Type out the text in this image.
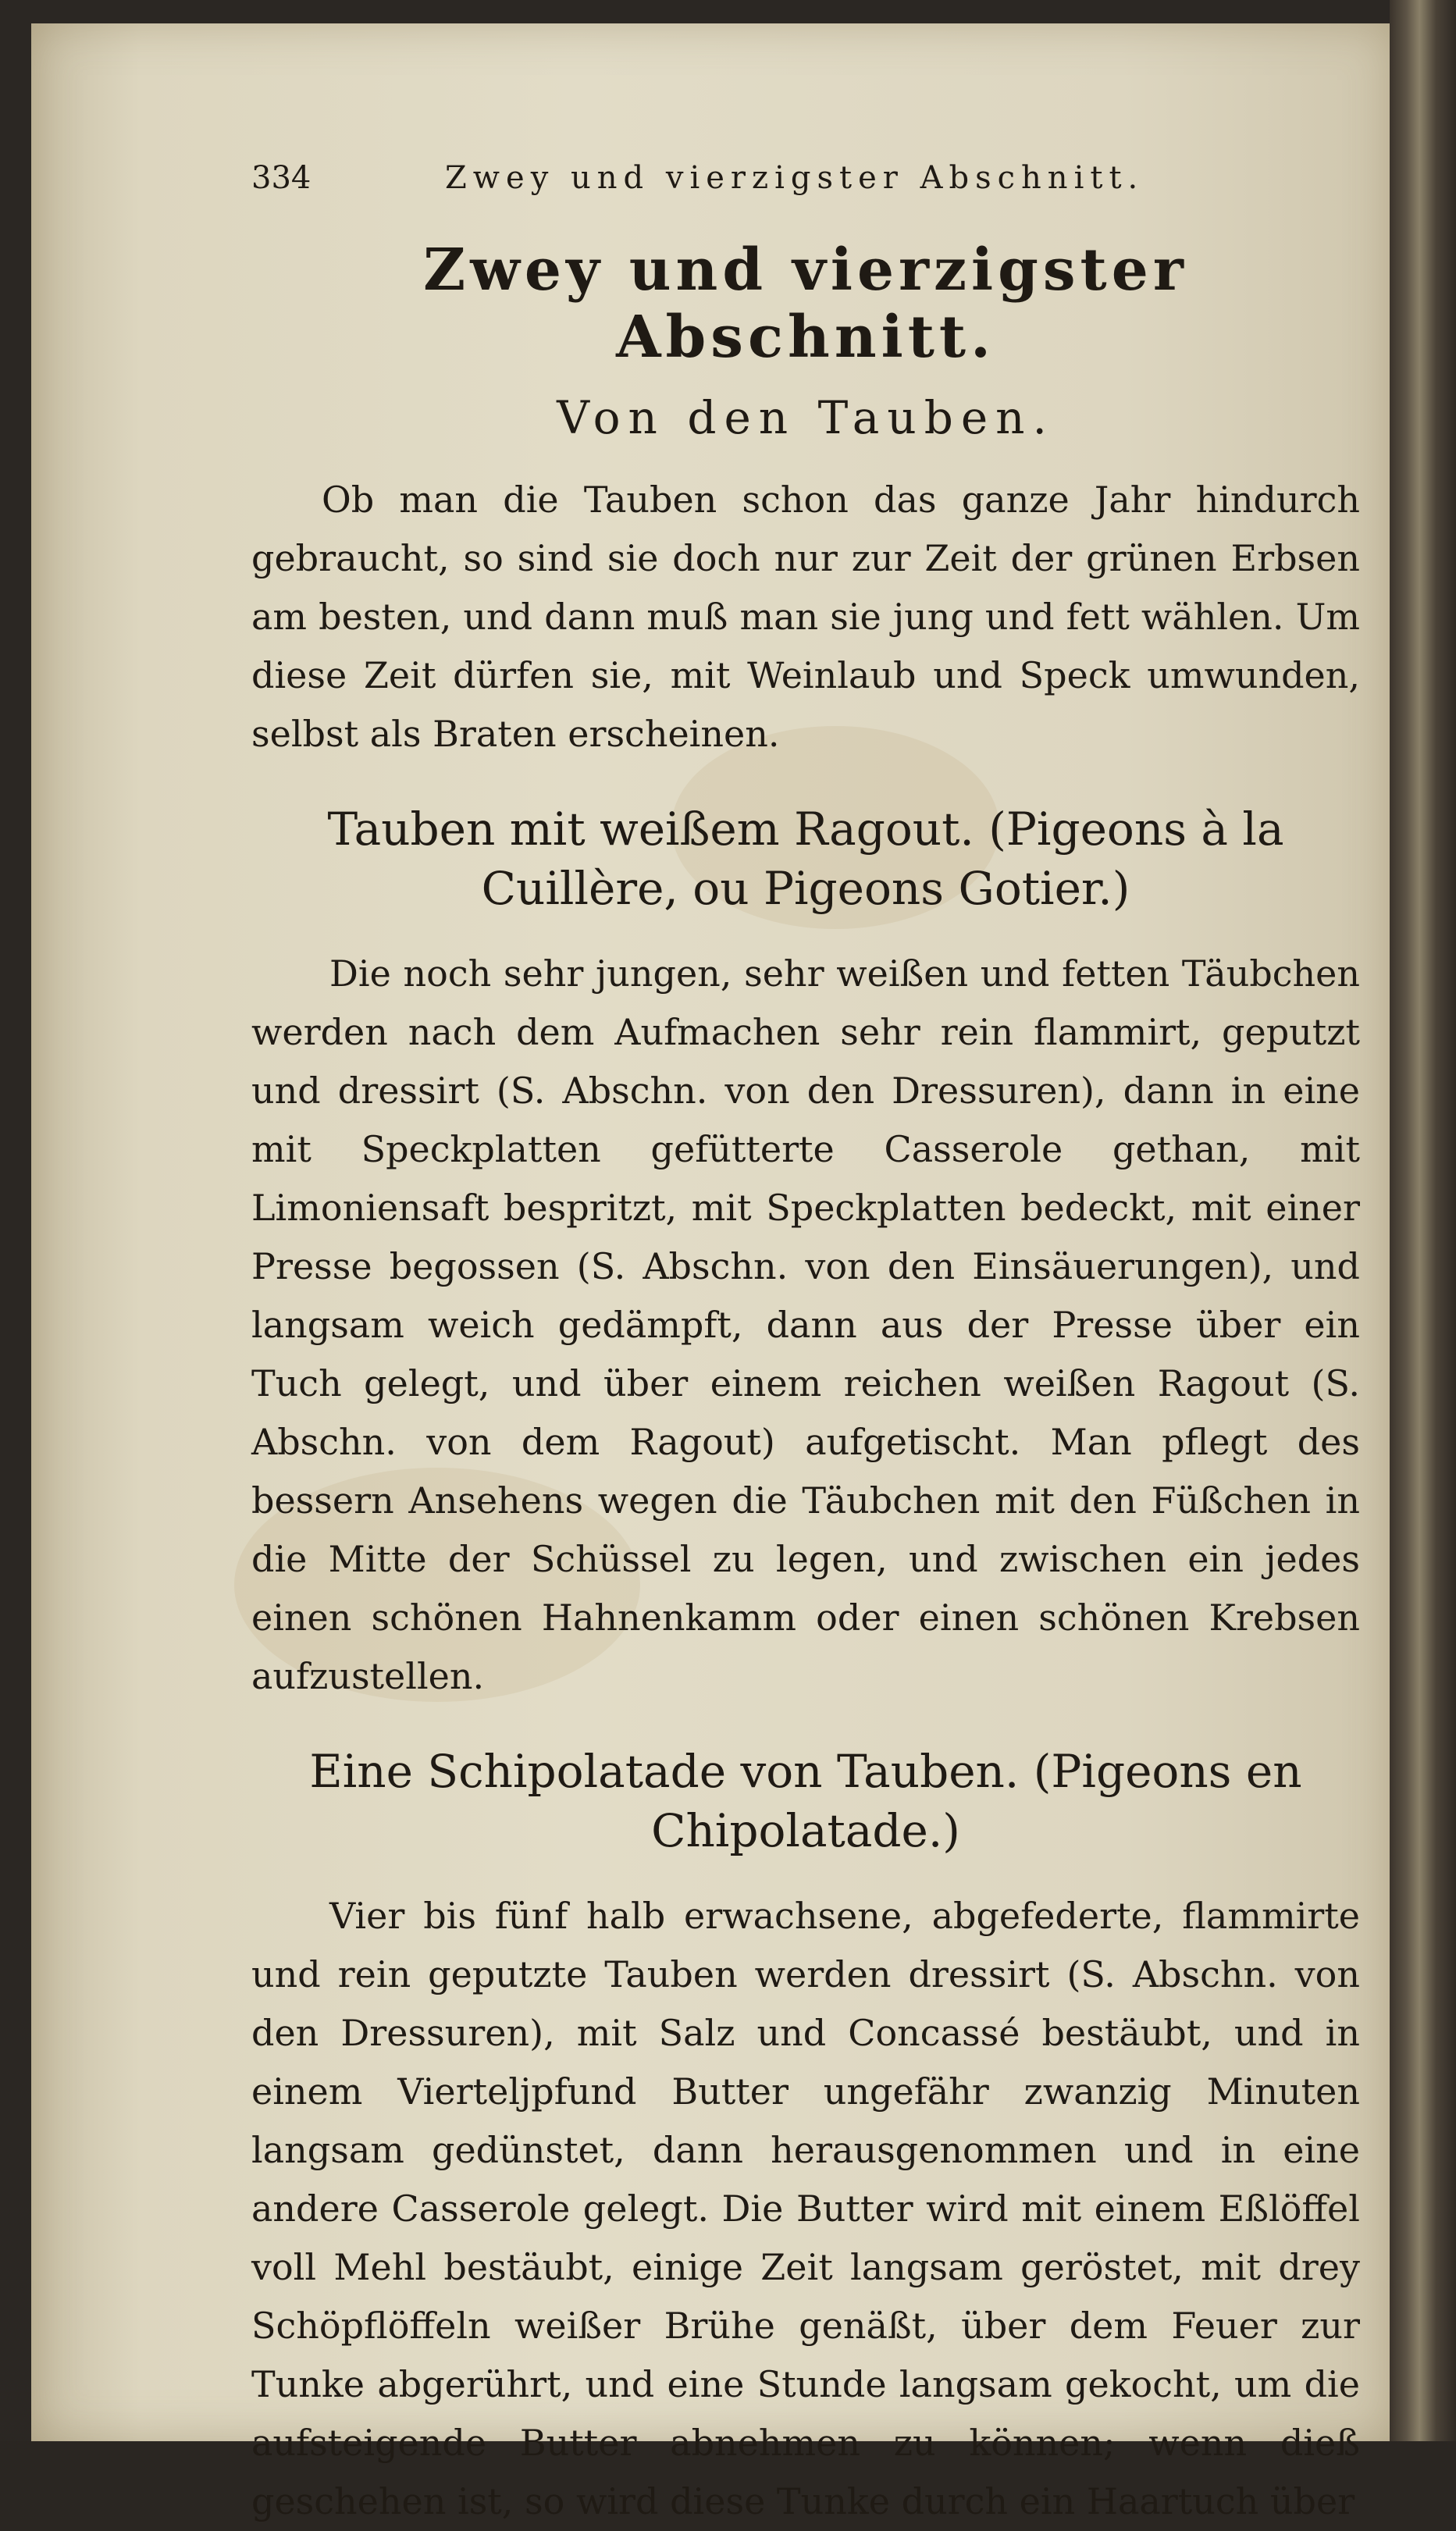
334	Zwey und vierzigster Abschnitt.
Zwey und vierzigster Abschnitt.
Von den Tauben.

Ob man die Tauben schon das ganze Jahr hindurch gebraucht, so sind sie doch nur zur Zeit der grünen Erbsen am besten, und dann muß man sie jung und fett wählen. Um diese Zeit dürfen sie, mit Weinlaub und Speck umwunden, selbst als Braten erscheinen.

Tauben mit weißem Ragout. (Pigeons à la Cuillère, ou Pigeons Gotier.)

Die noch sehr jungen, sehr weißen und fetten Täubchen werden nach dem Aufmachen sehr rein flammirt, geputzt und dressirt (S. Abschn. von den Dressuren), dann in eine mit Speckplatten gefütterte Casserole gethan, mit Limoniensaft bespritzt, mit Speckplatten bedeckt, mit einer Presse begossen (S. Abschn. von den Einsäuerungen), und langsam weich gedämpft, dann aus der Presse über ein Tuch gelegt, und über einem reichen weißen Ragout (S. Abschn. von dem Ragout) aufgetischt. Man pflegt des bessern Ansehens wegen die Täubchen mit den Füßchen in die Mitte der Schüssel zu legen, und zwischen ein jedes einen schönen Hahnenkamm oder einen schönen Krebsen aufzustellen.

Eine Schipolatade von Tauben. (Pigeons en Chipolatade.)

Vier bis fünf halb erwachsene, abgefederte, flammirte und rein geputzte Tauben werden dressirt (S. Abschn. von den Dressuren), mit Salz und Concassé bestäubt, und in einem Vierteljpfund Butter ungefähr zwanzig Minuten langsam gedünstet, dann herausgenommen und in eine andere Casserole gelegt. Die Butter wird mit einem Eßlöffel voll Mehl bestäubt, einige Zeit langsam geröstet, mit drey Schöpflöffeln weißer Brühe genäßt, über dem Feuer zur Tunke abgerührt, und eine Stunde langsam gekocht, um die aufsteigende Butter abnehmen zu können; wenn dieß geschehen ist, so wird diese Tunke durch ein Haartuch über
